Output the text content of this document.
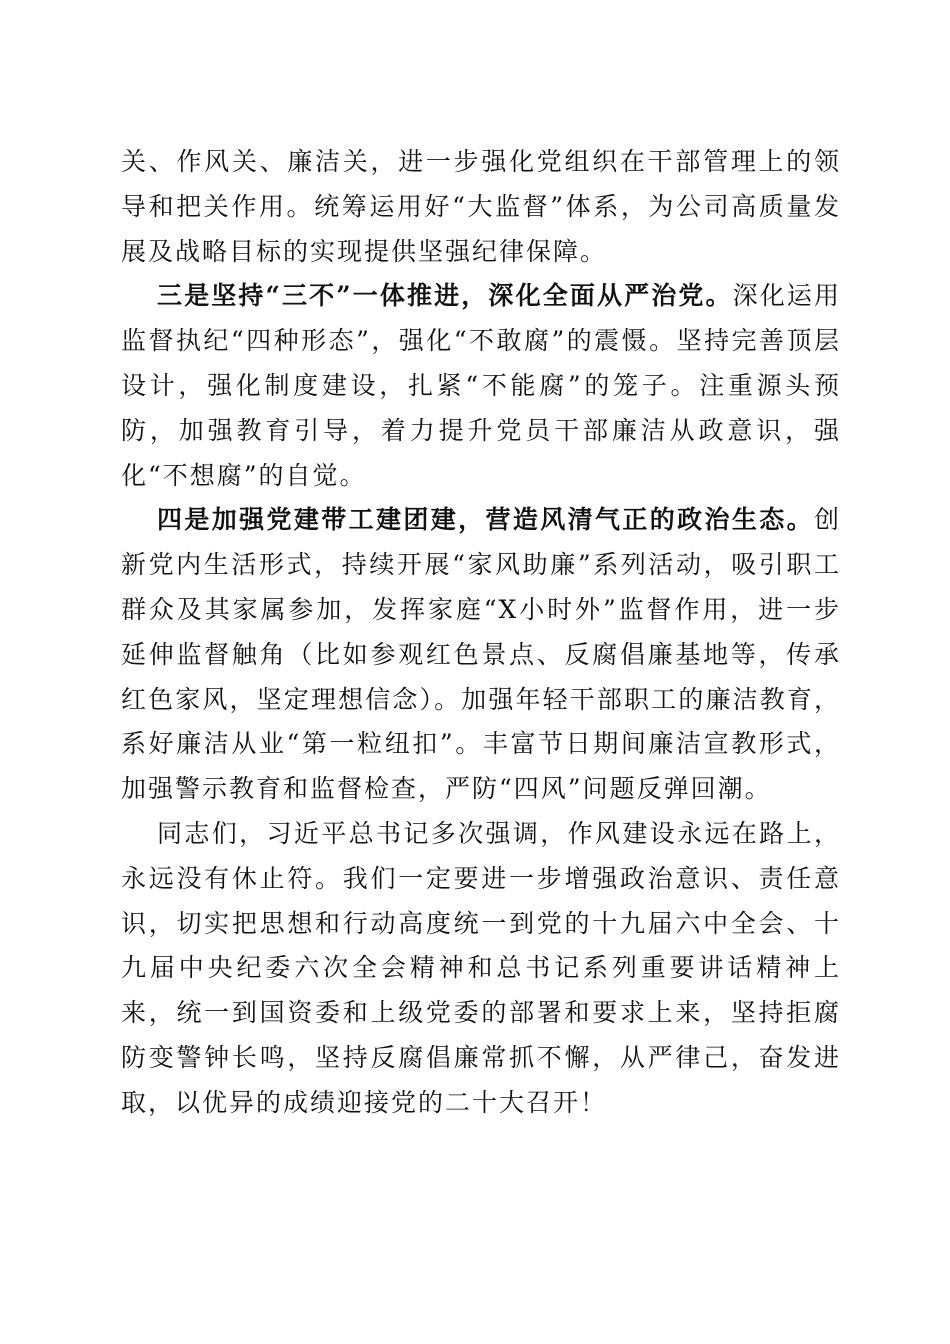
关、作风关、廉洁关，进一步强化党组织在干部管理上的领导和把关作用。统筹运用好“大监督”体系，为公司高质量发展及战略目标的实现提供坚强纪律保障。

三是坚持“三不”一体推进，深化全面从严治党。深化运用监督执纪“四种形态”，强化“不敢腐”的震慑。坚持完善顶层设计，强化制度建设，扎紧“不能腐”的笼子。注重源头预防，加强教育引导，着力提升党员干部廉洁从政意识，强化“不想腐”的自觉。

四是加强党建带工建团建，营造风清气正的政治生态。创新党内生活形式，持续开展“家风助廉”系列活动，吸引职工群众及其家属参加，发挥家庭“X小时外”监督作用，进一步延伸监督触角（比如参观红色景点、反腐倡廉基地等，传承红色家风，坚定理想信念）。加强年轻干部职工的廉洁教育，系好廉洁从业“第一粒纽扣”。丰富节日期间廉洁宣教形式，加强警示教育和监督检查，严防“四风”问题反弹回潮。

同志们，习近平总书记多次强调，作风建设永远在路上，永远没有休止符。我们一定要进一步增强政治意识、责任意识，切实把思想和行动高度统一到党的十九届六中全会、十九届中央纪委六次全会精神和总书记系列重要讲话精神上来，统一到国资委和上级党委的部署和要求上来，坚持拒腐防变警钟长鸣，坚持反腐倡廉常抓不懈，从严律己，奋发进取，以优异的成绩迎接党的二十大召开！
